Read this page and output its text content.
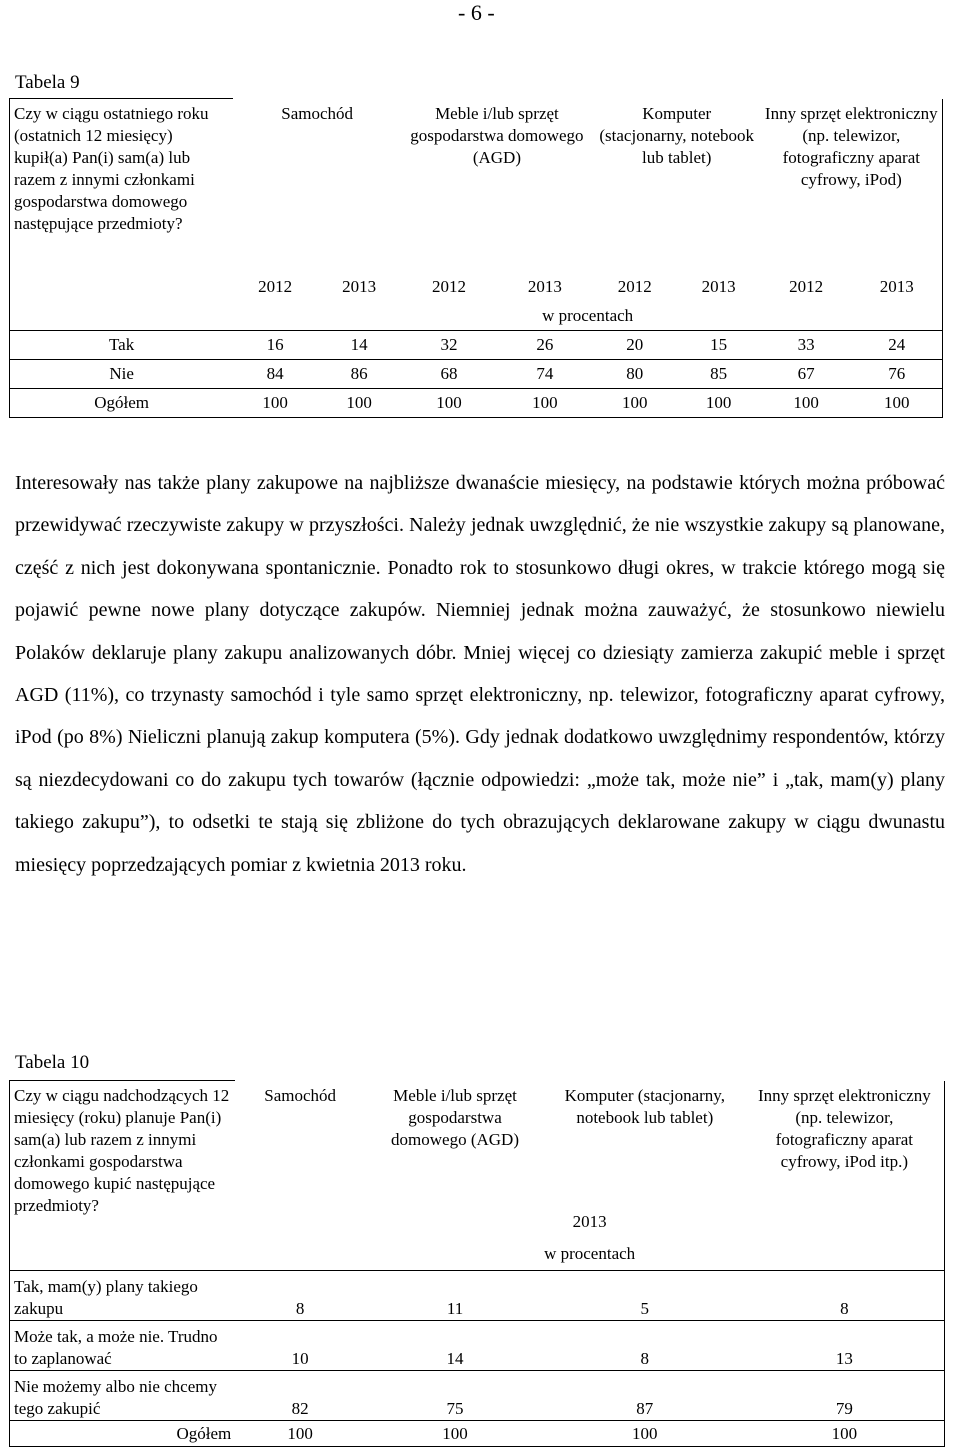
- 6 -
Tabela 9
Czy w ciągu ostatniego roku (ostatnich 12 miesięcy) kupił(a) Pan(i) sam(a) lub razem z innymi członkami gospodarstwa domowego następujące przedmioty?	Samochód		Meble i/lub sprzęt gospodarstwa domowego (AGD)		Komputer (stacjonarny, notebook lub tablet)		Inny sprzęt elektroniczny (np. telewizor, fotograficzny aparat cyfrowy, iPod)	
	2012	2013	2012	2013	2012	2013	2012	2013
	w procentach							
Tak	16	14	32	26	20	15	33	24
Nie	84	86	68	74	80	85	67	76
Ogółem	100	100	100	100	100	100	100	100

Interesowały nas także plany zakupowe na najbliższe dwanaście miesięcy, na podstawie których można próbować przewidywać rzeczywiste zakupy w przyszłości. Należy jednak uwzględnić, że nie wszystkie zakupy są planowane, część z nich jest dokonywana spontanicznie. Ponadto rok to stosunkowo długi okres, w trakcie którego mogą się pojawić pewne nowe plany dotyczące zakupów. Niemniej jednak można zauważyć, że stosunkowo niewielu Polaków deklaruje plany zakupu analizowanych dóbr. Mniej więcej co dziesiąty zamierza zakupić meble i sprzęt AGD (11%), co trzynasty samochód i tyle samo sprzęt elektroniczny, np. telewizor, fotograficzny aparat cyfrowy, iPod (po 8%) Nieliczni planują zakup komputera (5%). Gdy jednak dodatkowo uwzględnimy respondentów, którzy są niezdecydowani co do zakupu tych towarów (łącznie odpowiedzi: „może tak, może nie” i „tak, mam(y) plany takiego zakupu”), to odsetki te stają się zbliżone do tych obrazujących deklarowane zakupy w ciągu dwunastu miesięcy poprzedzających pomiar z kwietnia 2013 roku.

Tabela 10
Czy w ciągu nadchodzących 12 miesięcy (roku) planuje Pan(i) sam(a) lub razem z innymi członkami gospodarstwa domowego kupić następujące przedmioty?	Samochód	Meble i/lub sprzęt gospodarstwa domowego (AGD)	Komputer (stacjonarny, notebook lub tablet)	Inny sprzęt elektroniczny (np. telewizor, fotograficzny aparat cyfrowy, iPod itp.)
	2013			
	w procentach			
Tak, mam(y) plany takiego zakupu	8	11	5	8
Może tak, a może nie. Trudno to zaplanować	10	14	8	13
Nie możemy albo nie chcemy tego zakupić	82	75	87	79
Ogółem	100	100	100	100
